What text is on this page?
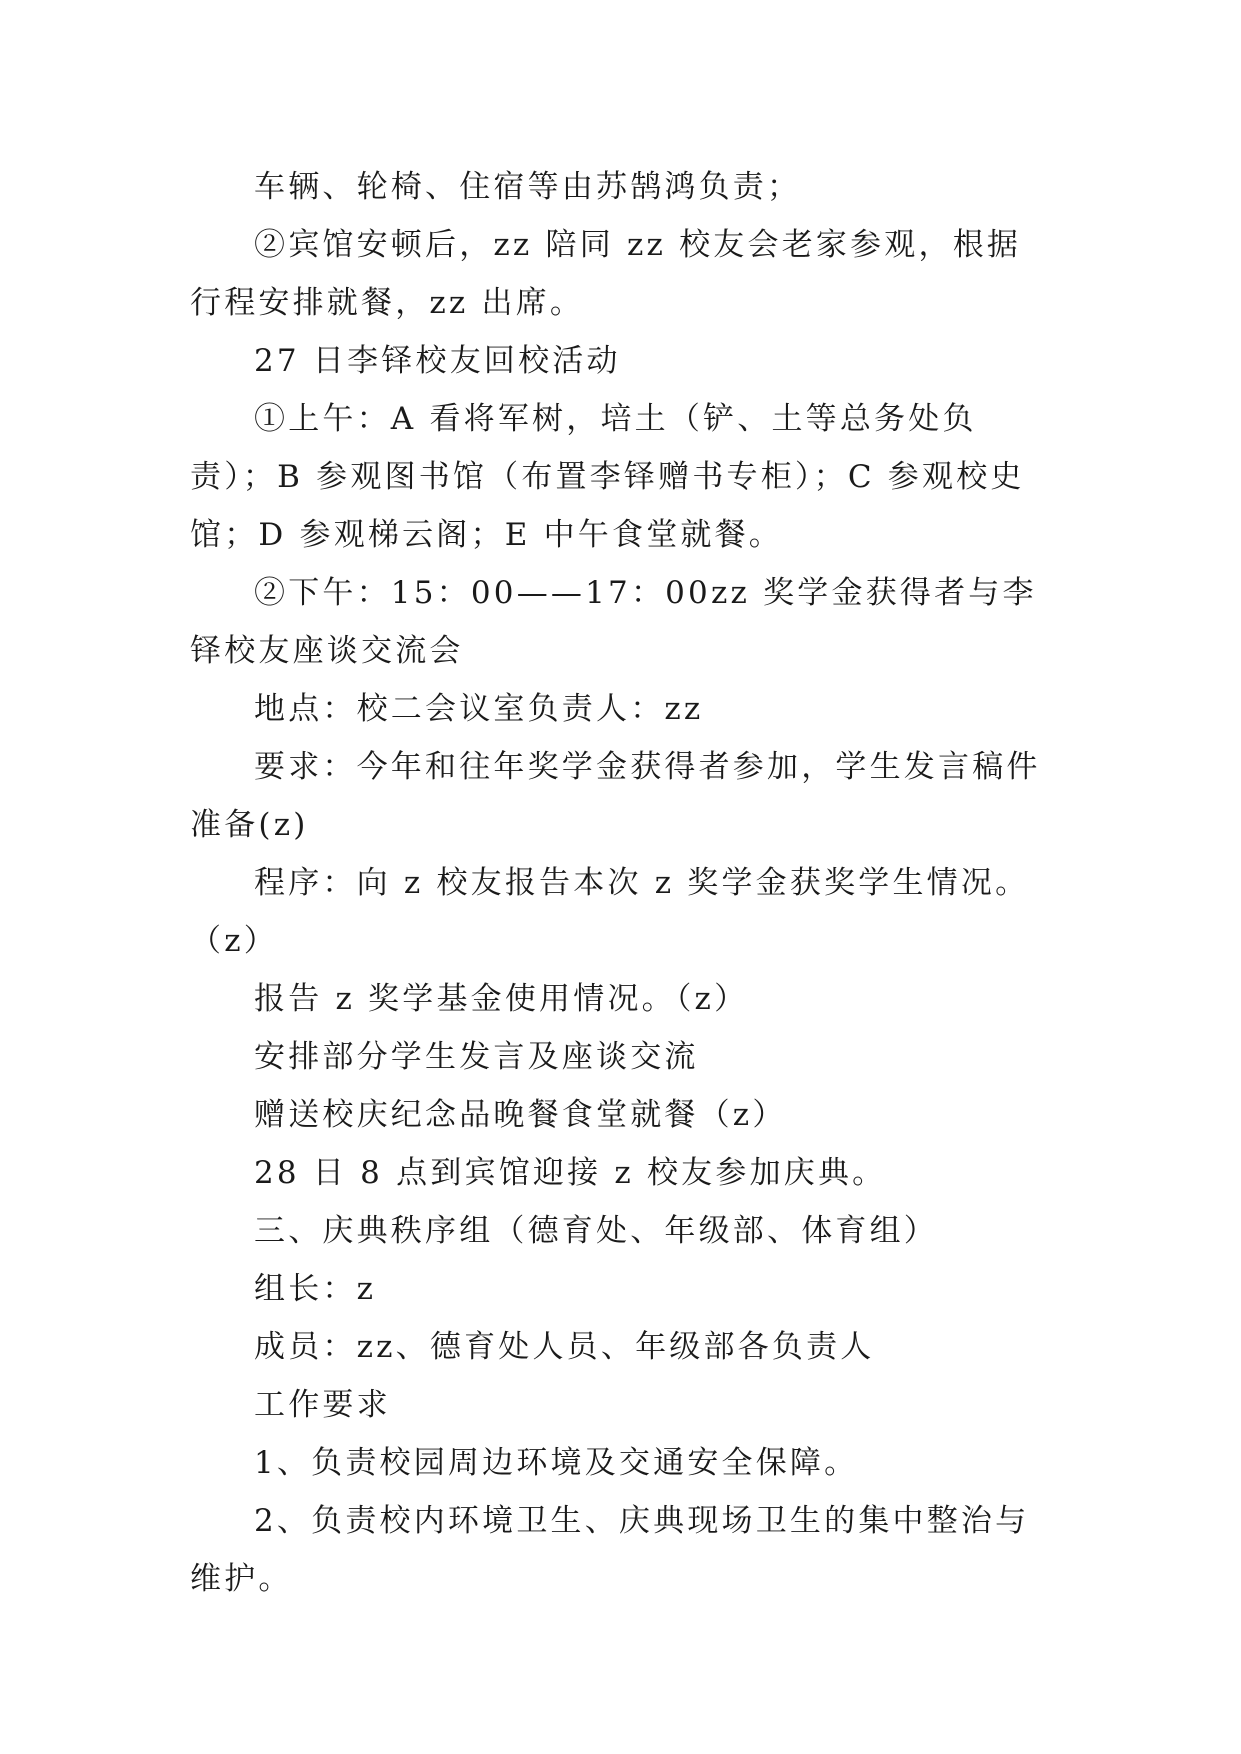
车辆、轮椅、住宿等由苏鹄鸿负责；

②宾馆安顿后，zz 陪同 zz 校友会老家参观，根据行程安排就餐，zz 出席。

27 日李铎校友回校活动

①上午：A 看将军树，培土（铲、土等总务处负责）；B 参观图书馆（布置李铎赠书专柜）；C 参观校史馆；D 参观梯云阁；E 中午食堂就餐。

②下午：15：00——17：00zz 奖学金获得者与李铎校友座谈交流会

地点：校二会议室负责人：zz

要求：今年和往年奖学金获得者参加，学生发言稿件准备(z)

程序：向 z 校友报告本次 z 奖学金获奖学生情况。（z）

报告 z 奖学基金使用情况。（z）

安排部分学生发言及座谈交流

赠送校庆纪念品晚餐食堂就餐（z）

28 日 8 点到宾馆迎接 z 校友参加庆典。

三、庆典秩序组（德育处、年级部、体育组）

组长：z

成员：zz、德育处人员、年级部各负责人

工作要求

1、负责校园周边环境及交通安全保障。

2、负责校内环境卫生、庆典现场卫生的集中整治与维护。
